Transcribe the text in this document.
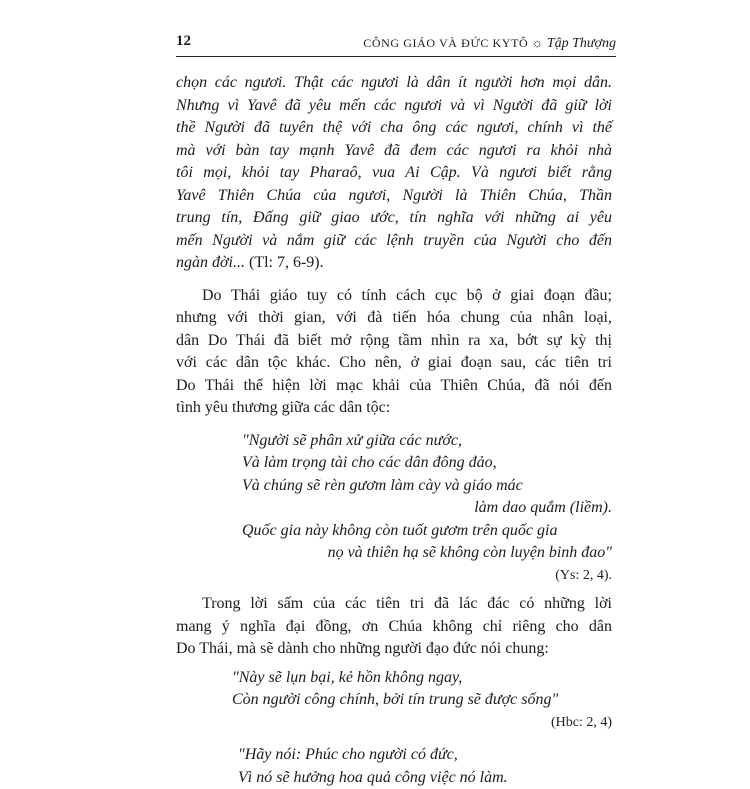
12	CÔNG GIÁO VÀ ĐỨC KYTÔ ☼ Tập Thượng
chọn các ngươi. Thật các ngươi là dân ít người hơn mọi dân.
Nhưng vì Yavê đã yêu mến các ngươi và vì Người đã giữ lời
thề Người đã tuyên thệ với cha ông các ngươi, chính vì thế
mà với bàn tay mạnh Yavê đã đem các ngươi ra khỏi nhà
tôi mọi, khỏi tay Pharaô, vua Ai Cập. Và ngươi biết rằng
Yavê Thiên Chúa của ngươi, Người là Thiên Chúa, Thần
trung tín, Đấng giữ giao ước, tín nghĩa với những ai yêu
mến Người và nắm giữ các lệnh truyền của Người cho đến
ngàn đời... (Tl: 7, 6-9).
Do Thái giáo tuy có tính cách cục bộ ở giai đoạn đầu;
nhưng với thời gian, với đà tiến hóa chung của nhân loại,
dân Do Thái đã biết mở rộng tầm nhìn ra xa, bớt sự kỳ thị
với các dân tộc khác. Cho nên, ở giai đoạn sau, các tiên tri
Do Thái thể hiện lời mạc khải của Thiên Chúa, đã nói đến
tình yêu thương giữa các dân tộc:
"Người sẽ phân xử giữa các nước,
Và làm trọng tài cho các dân đông đảo,
Và chúng sẽ rèn gươm làm cày và giáo mác
làm dao quắm (liềm).
Quốc gia này không còn tuốt gươm trên quốc gia
nọ và thiên hạ sẽ không còn luyện binh đao"
(Ys: 2, 4).
Trong lời sấm của các tiên tri đã lác đác có những lời
mang ý nghĩa đại đồng, ơn Chúa không chỉ riêng cho dân
Do Thái, mà sẽ dành cho những người đạo đức nói chung:
"Này sẽ lụn bại, kẻ hồn không ngay,
Còn người công chính, bởi tín trung sẽ được sống"
(Hbc: 2, 4)
"Hãy nói: Phúc cho người có đức,
Vì nó sẽ hưởng hoa quả công việc nó làm.
